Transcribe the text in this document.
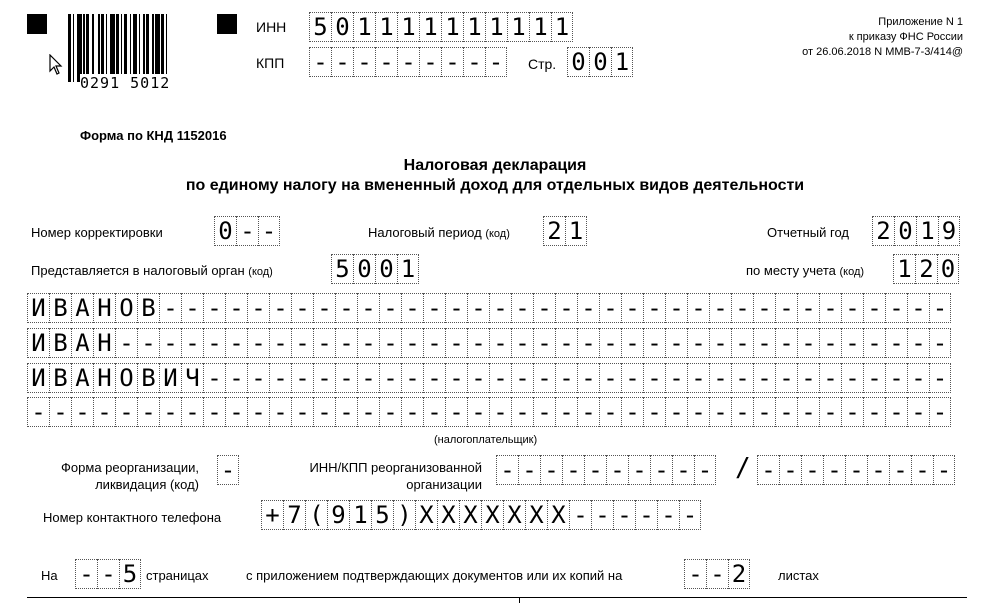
0291 5012
ИНН 5 0 1 1 1 1 1 1 1 1 1 1
КПП - - - - - - - - - Стр. 0 0 1
Приложение N 1
к приказу ФНС России
от 26.06.2018 N ММВ-7-3/414@
Форма по КНД 1152016
Налоговая декларация
по единому налогу на вмененный доход для отдельных видов деятельности
Номер корректировки 0 - -	Налоговый период (код) 2 1	Отчетный год 2 0 1 9
Представляется в налоговый орган (код)	5 0 0 1	по месту учета (код) 1 2 0
И В А Н О В - - - - - - - - - - - - - - - - - - - - - - - - - - - - - - - - - - - -
И В А Н - - - - - - - - - - - - - - - - - - - - - - - - - - - - - - - - - - - - - -
И В А Н О В И Ч - - - - - - - - - - - - - - - - - - - - - - - - - - - - - - - - - -
- - - - - - - - - - - - - - - - - - - - - - - - - - - - - - - - - - - - - - - - - -
(налогоплательщик)
Форма реорганизации,
ликвидация (код)
-	ИНН/КПП реорганизованной
организации
- - - - - - - - - - / - - - - - - - - -
Номер контактного телефона + 7 ( 9 1 5 ) X X X X X X X - - - - - -
На - - 5 страницах	с приложением подтверждающих документов или их копий на	- - 2 листах
